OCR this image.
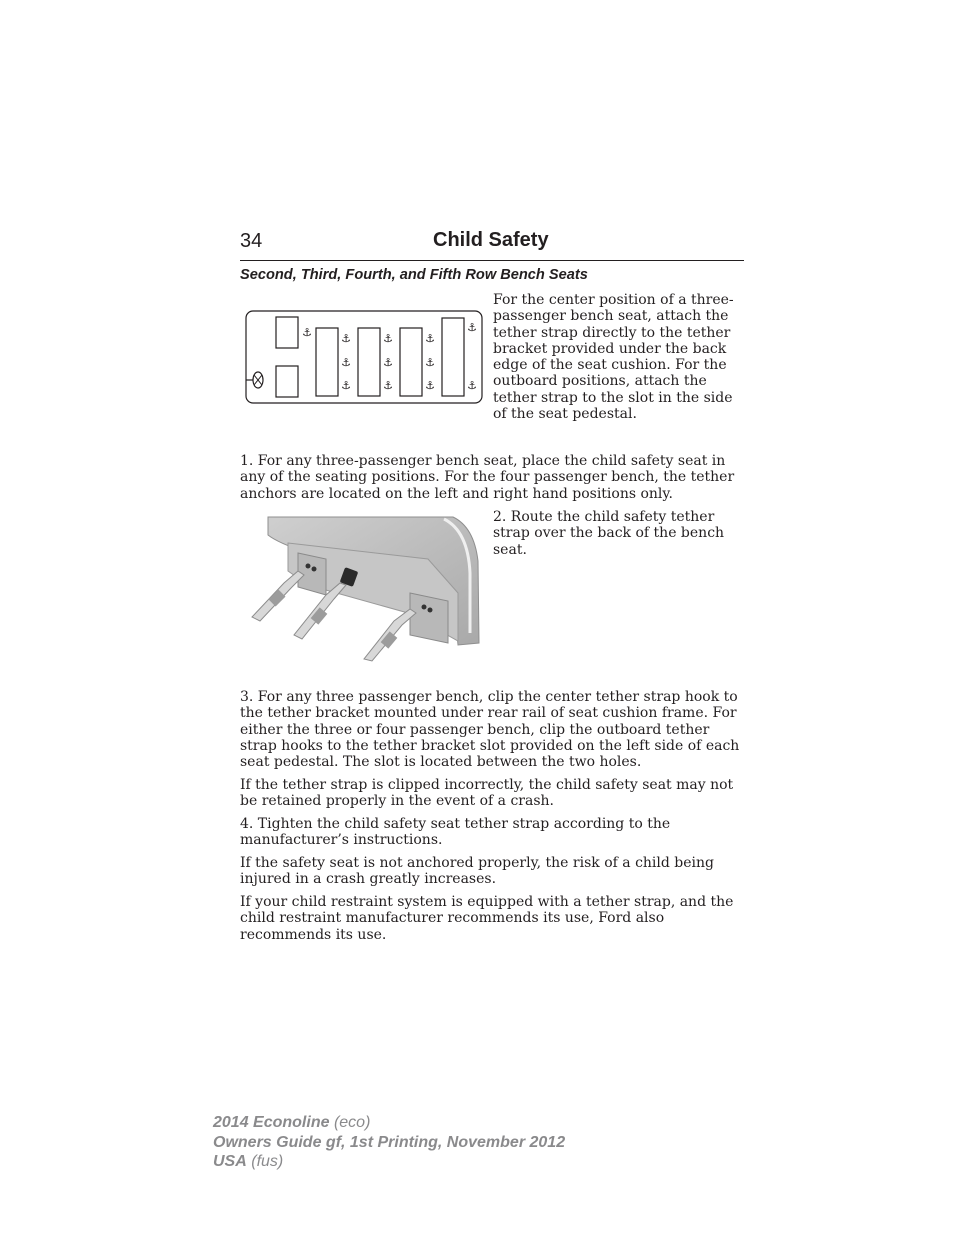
34	Child Safety
Second, Third, Fourth, and Fifth Row Bench Seats
⚓	⚓
⚓
⚓
⚓
⚓
⚓
⚓
⚓
⚓
⚓
⚓

For the center position of a three-passenger bench seat, attach the tether strap directly to the tether bracket provided under the back edge of the seat cushion. For the outboard positions, attach the tether strap to the slot in the side of the seat pedestal.

1. For any three-passenger bench seat, place the child safety seat in any of the seating positions. For the four passenger bench, the tether anchors are located on the left and right hand positions only.

2. Route the child safety tether strap over the back of the bench seat.

3. For any three passenger bench, clip the center tether strap hook to the tether bracket mounted under rear rail of seat cushion frame. For either the three or four passenger bench, clip the outboard tether strap hooks to the tether bracket slot provided on the left side of each seat pedestal. The slot is located between the two holes.

If the tether strap is clipped incorrectly, the child safety seat may not be retained properly in the event of a crash.

4. Tighten the child safety seat tether strap according to the manufacturer’s instructions.

If the safety seat is not anchored properly, the risk of a child being injured in a crash greatly increases.

If your child restraint system is equipped with a tether strap, and the child restraint manufacturer recommends its use, Ford also recommends its use.

2014 Econoline (eco)
Owners Guide gf, 1st Printing, November 2012
USA (fus)
